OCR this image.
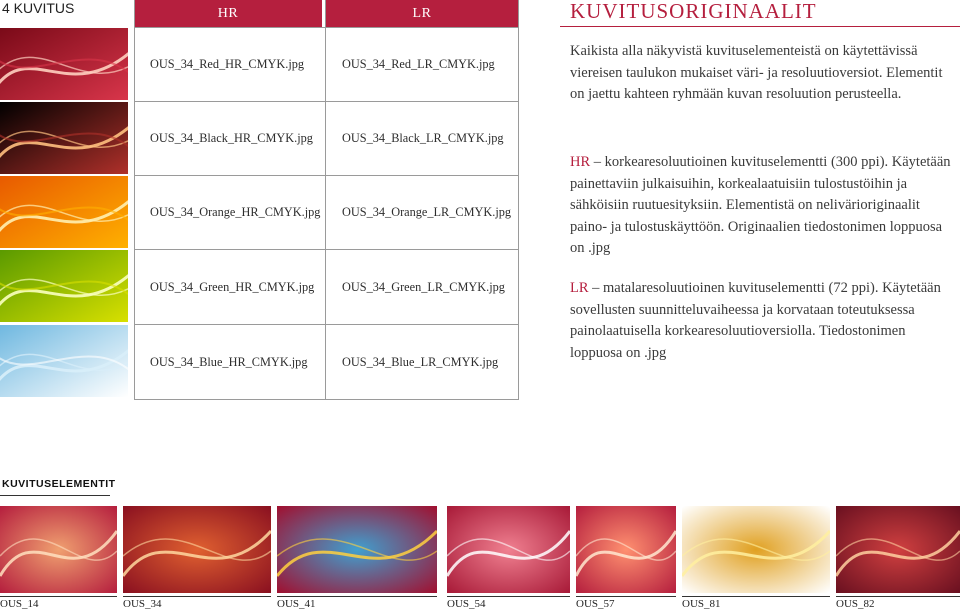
4 KUVITUS	HR	LR	KUVITUSORIGINAALIT
OUS_34_Red_HR_CMYK.jpg	OUS_34_Red_LR_CMYK.jpg
OUS_34_Black_HR_CMYK.jpg	OUS_34_Black_LR_CMYK.jpg
OUS_34_Orange_HR_CMYK.jpg	OUS_34_Orange_LR_CMYK.jpg
OUS_34_Green_HR_CMYK.jpg	OUS_34_Green_LR_CMYK.jpg
OUS_34_Blue_HR_CMYK.jpg	OUS_34_Blue_LR_CMYK.jpg
Kaikista alla näkyvistä kuvituselementeistä on käytettävissä viereisen taulukon mukaiset väri- ja resoluutioversiot. Elementit on jaettu kahteen ryhmään kuvan resoluution perusteella.
HR – korkearesoluutioinen kuvituselementti (300 ppi). Käytetään painettaviin julkaisuihin, korkealaatuisiin tulostustöihin ja sähköisiin ruutuesityksiin. Elementistä on nelivärioriginaalit paino- ja tulostuskäyttöön. Originaalien tiedostonimen loppuosa on .jpg
LR – matalaresoluutioinen kuvituselementti (72 ppi). Käytetään sovellusten suunnitteluvaiheessa ja korvataan toteutuksessa painolaatuisella korkearesoluutioversiolla. Tiedostonimen loppuosa on .jpg
KUVITUSELEMENTIT
OUS_14	OUS_34	OUS_41	OUS_54	OUS_57	OUS_81	OUS_82
